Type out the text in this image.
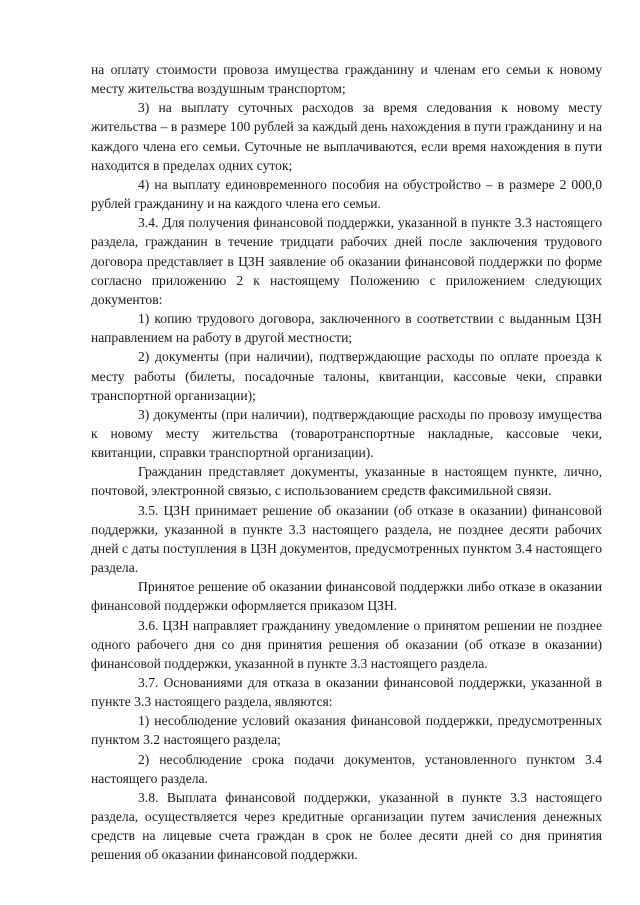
на оплату стоимости провоза имущества гражданину и членам его семьи к новому месту жительства воздушным транспортом;

3) на выплату суточных расходов за время следования к новому месту жительства – в размере 100 рублей за каждый день нахождения в пути гражданину и на каждого члена его семьи. Суточные не выплачиваются, если время нахождения в пути находится в пределах одних суток;

4) на выплату единовременного пособия на обустройство – в размере 2 000,0 рублей гражданину и на каждого члена его семьи.

3.4. Для получения финансовой поддержки, указанной в пункте 3.3 настоящего раздела, гражданин в течение тридцати рабочих дней после заключения трудового договора представляет в ЦЗН заявление об оказании финансовой поддержки по форме согласно приложению 2 к настоящему Положению с приложением следующих документов:

1) копию трудового договора, заключенного в соответствии с выданным ЦЗН направлением на работу в другой местности;

2) документы (при наличии), подтверждающие расходы по оплате проезда к месту работы (билеты, посадочные талоны, квитанции, кассовые чеки, справки транспортной организации);

3) документы (при наличии), подтверждающие расходы по провозу имущества к новому месту жительства (товаротранспортные накладные, кассовые чеки, квитанции, справки транспортной организации).

Гражданин представляет документы, указанные в настоящем пункте, лично, почтовой, электронной связью, с использованием средств факсимильной связи.

3.5. ЦЗН принимает решение об оказании (об отказе в оказании) финансовой поддержки, указанной в пункте 3.3 настоящего раздела, не позднее десяти рабочих дней с даты поступления в ЦЗН документов, предусмотренных пунктом 3.4 настоящего раздела.

Принятое решение об оказании финансовой поддержки либо отказе в оказании финансовой поддержки оформляется приказом ЦЗН.

3.6. ЦЗН направляет гражданину уведомление о принятом решении не позднее одного рабочего дня со дня принятия решения об оказании (об отказе в оказании) финансовой поддержки, указанной в пункте 3.3 настоящего раздела.

3.7. Основаниями для отказа в оказании финансовой поддержки, указанной в пункте 3.3 настоящего раздела, являются:

1) несоблюдение условий оказания финансовой поддержки, предусмотренных пунктом 3.2 настоящего раздела;

2) несоблюдение срока подачи документов, установленного пунктом 3.4 настоящего раздела.

3.8. Выплата финансовой поддержки, указанной в пункте 3.3 настоящего раздела, осуществляется через кредитные организации путем зачисления денежных средств на лицевые счета граждан в срок не более десяти дней со дня принятия решения об оказании финансовой поддержки.
